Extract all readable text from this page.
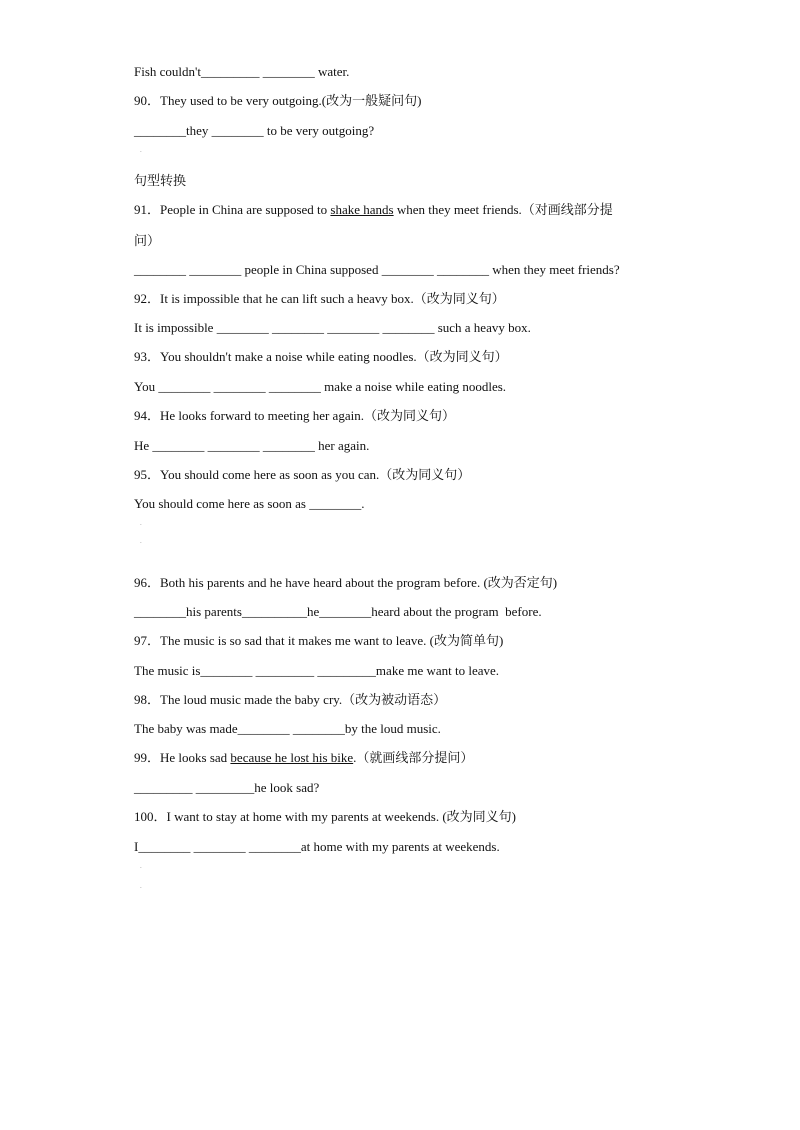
Fish couldn't_________ ________ water.
90．They used to be very outgoing.(改为一般疑问句)
________they ________ to be very outgoing?
.
句型转换
91．People in China are supposed to shake hands when they meet friends.（对画线部分提
问）
________ ________ people in China supposed ________ ________ when they meet friends?
92．It is impossible that he can lift such a heavy box.（改为同义句）
It is impossible ________ ________ ________ ________ such a heavy box.
93．You shouldn't make a noise while eating noodles.（改为同义句）
You ________ ________ ________ make a noise while eating noodles.
94．He looks forward to meeting her again.（改为同义句）
He ________ ________ ________ her again.
95．You should come here as soon as you can.（改为同义句）
You should come here as soon as ________.
.
.
96．Both his parents and he have heard about the program before. (改为否定句)
________his parents__________he________heard about the program  before.
97．The music is so sad that it makes me want to leave. (改为简单句)
The music is________ _________ _________make me want to leave.
98．The loud music made the baby cry.（改为被动语态）
The baby was made________ ________by the loud music.
99．He looks sad because he lost his bike.（就画线部分提问）
_________ _________he look sad?
100．I want to stay at home with my parents at weekends. (改为同义句)
I________ ________ ________at home with my parents at weekends.
.
.
